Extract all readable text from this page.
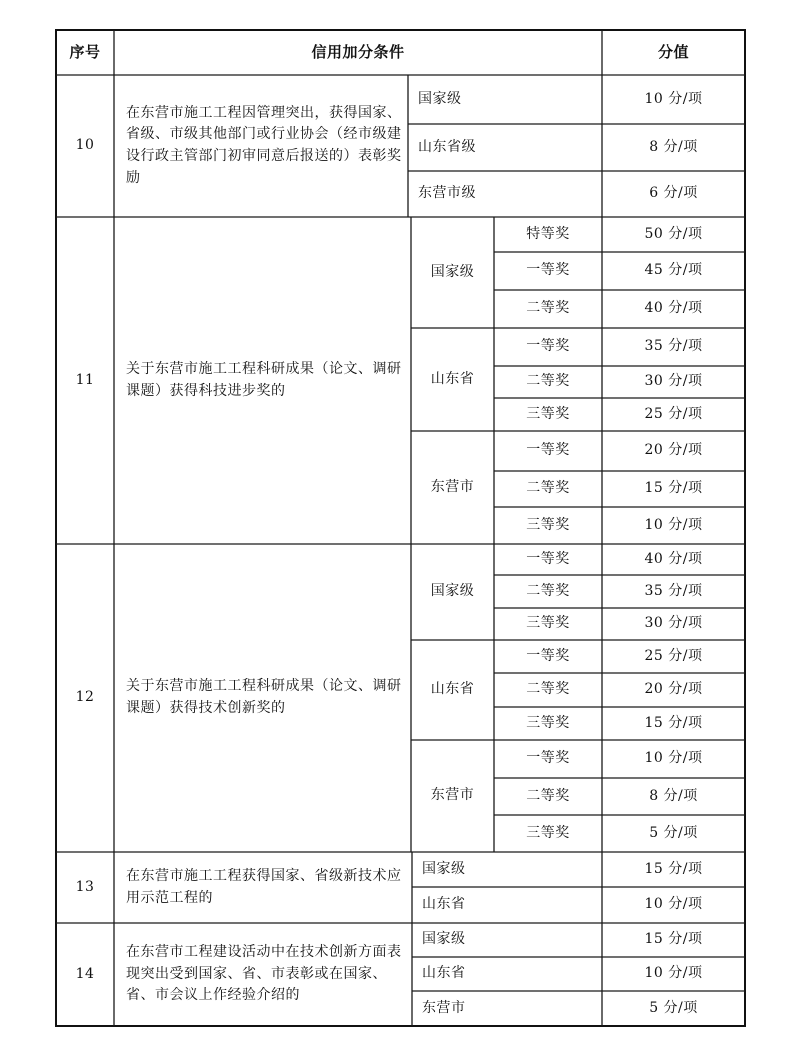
序号	信用加分条件	分值
10
在东营市施工工程因管理突出，获得国家、省级、市级其他部门或行业协会（经市级建设行政主管部门初审同意后报送的）表彰奖励
国家级	10 分/项
山东省级	8 分/项
东营市级	6 分/项
11
关于东营市施工工程科研成果（论文、调研课题）获得科技进步奖的
国家级
特等奖	50 分/项
一等奖	45 分/项
二等奖	40 分/项
山东省
一等奖	35 分/项
二等奖	30 分/项
三等奖	25 分/项
东营市
一等奖	20 分/项
二等奖	15 分/项
三等奖	10 分/项
12
关于东营市施工工程科研成果（论文、调研课题）获得技术创新奖的
国家级
一等奖	40 分/项
二等奖	35 分/项
三等奖	30 分/项
山东省
一等奖	25 分/项
二等奖	20 分/项
三等奖	15 分/项
东营市
一等奖	10 分/项
二等奖	8 分/项
三等奖	5 分/项
13
在东营市施工工程获得国家、省级新技术应用示范工程的
国家级	15 分/项
山东省	10 分/项
14
在东营市工程建设活动中在技术创新方面表现突出受到国家、省、市表彰或在国家、省、市会议上作经验介绍的
国家级	15 分/项
山东省	10 分/项
东营市	5 分/项
